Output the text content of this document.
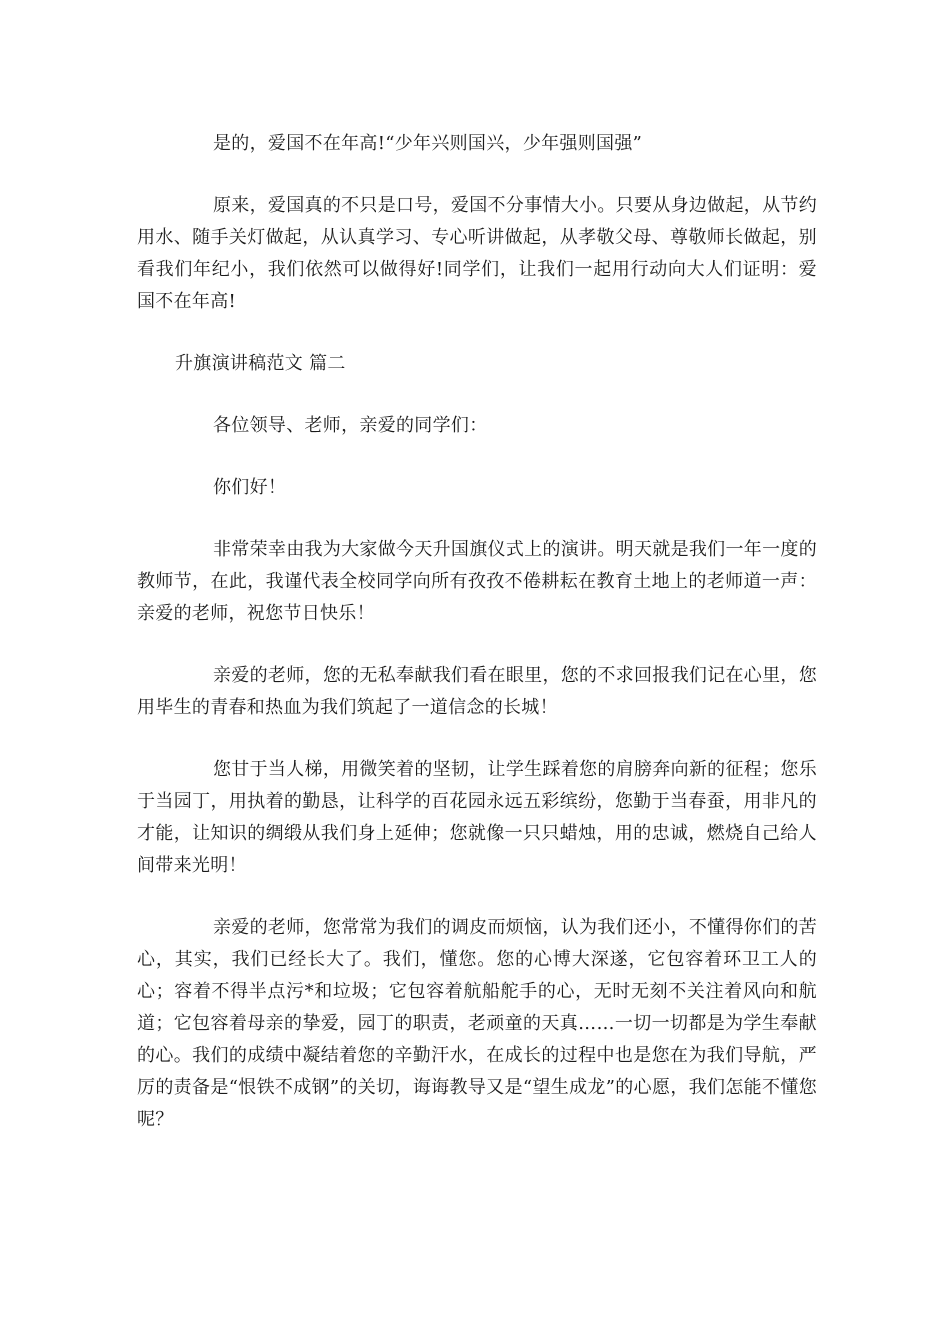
是的，爱国不在年高!“少年兴则国兴，少年强则国强”

原来，爱国真的不只是口号，爱国不分事情大小。只要从身边做起，从节约用水、随手关灯做起，从认真学习、专心听讲做起，从孝敬父母、尊敬师长做起，别看我们年纪小，我们依然可以做得好!同学们，让我们一起用行动向大人们证明：爱国不在年高!

升旗演讲稿范文 篇二

各位领导、老师，亲爱的同学们：

你们好！

非常荣幸由我为大家做今天升国旗仪式上的演讲。明天就是我们一年一度的教师节，在此，我谨代表全校同学向所有孜孜不倦耕耘在教育土地上的老师道一声：亲爱的老师，祝您节日快乐！

亲爱的老师，您的无私奉献我们看在眼里，您的不求回报我们记在心里，您用毕生的青春和热血为我们筑起了一道信念的长城！

您甘于当人梯，用微笑着的坚韧，让学生踩着您的肩膀奔向新的征程；您乐于当园丁，用执着的勤恳，让科学的百花园永远五彩缤纷，您勤于当春蚕，用非凡的才能，让知识的绸缎从我们身上延伸；您就像一只只蜡烛，用的忠诚，燃烧自己给人间带来光明！

亲爱的老师，您常常为我们的调皮而烦恼，认为我们还小，不懂得你们的苦心，其实，我们已经长大了。我们，懂您。您的心博大深遂，它包容着环卫工人的心；容着不得半点污*和垃圾；它包容着航船舵手的心，无时无刻不关注着风向和航道；它包容着母亲的挚爱，园丁的职责，老顽童的天真……一切一切都是为学生奉献的心。我们的成绩中凝结着您的辛勤汗水，在成长的过程中也是您在为我们导航，严厉的责备是“恨铁不成钢”的关切，诲诲教导又是“望生成龙”的心愿，我们怎能不懂您呢？
